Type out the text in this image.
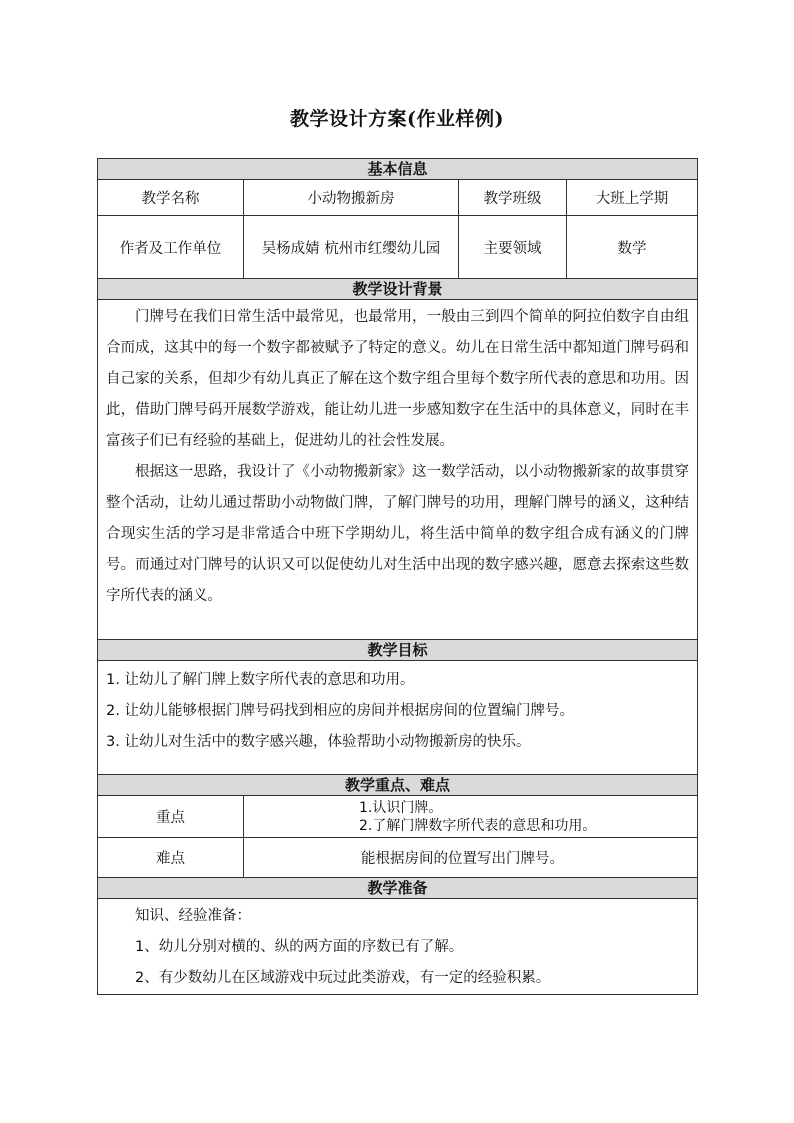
教学设计方案(作业样例)
基本信息			
教学名称	小动物搬新房	教学班级	大班上学期
作者及工作单位	吴杨成婧 杭州市红缨幼儿园	主要领域	数学
教学设计背景			

门牌号在我们日常生活中最常见，也最常用，一般由三到四个简单的阿拉伯数字自由组合而成，这其中的每一个数字都被赋予了特定的意义。幼儿在日常生活中都知道门牌号码和自己家的关系，但却少有幼儿真正了解在这个数字组合里每个数字所代表的意思和功用。因此，借助门牌号码开展数学游戏，能让幼儿进一步感知数字在生活中的具体意义，同时在丰富孩子们已有经验的基础上，促进幼儿的社会性发展。

根据这一思路，我设计了《小动物搬新家》这一数学活动，以小动物搬新家的故事贯穿整个活动，让幼儿通过帮助小动物做门牌，了解门牌号的功用，理解门牌号的涵义，这种结合现实生活的学习是非常适合中班下学期幼儿，将生活中简单的数字组合成有涵义的门牌号。而通过对门牌号的认识又可以促使幼儿对生活中出现的数字感兴趣，愿意去探索这些数字所代表的涵义。			

教学目标			

1. 让幼儿了解门牌上数字所代表的意思和功用。
2. 让幼儿能够根据门牌号码找到相应的房间并根据房间的位置编门牌号。
3. 让幼儿对生活中的数字感兴趣，体验帮助小动物搬新房的快乐。			

教学重点、难点			
重点	1.认识门牌。
2.了解门牌数字所代表的意思和功用。		

难点	能根据房间的位置写出门牌号。		
教学准备			

知识、经验准备：
1、幼儿分别对横的、纵的两方面的序数已有了解。
2、有少数幼儿在区域游戏中玩过此类游戏，有一定的经验积累。			
